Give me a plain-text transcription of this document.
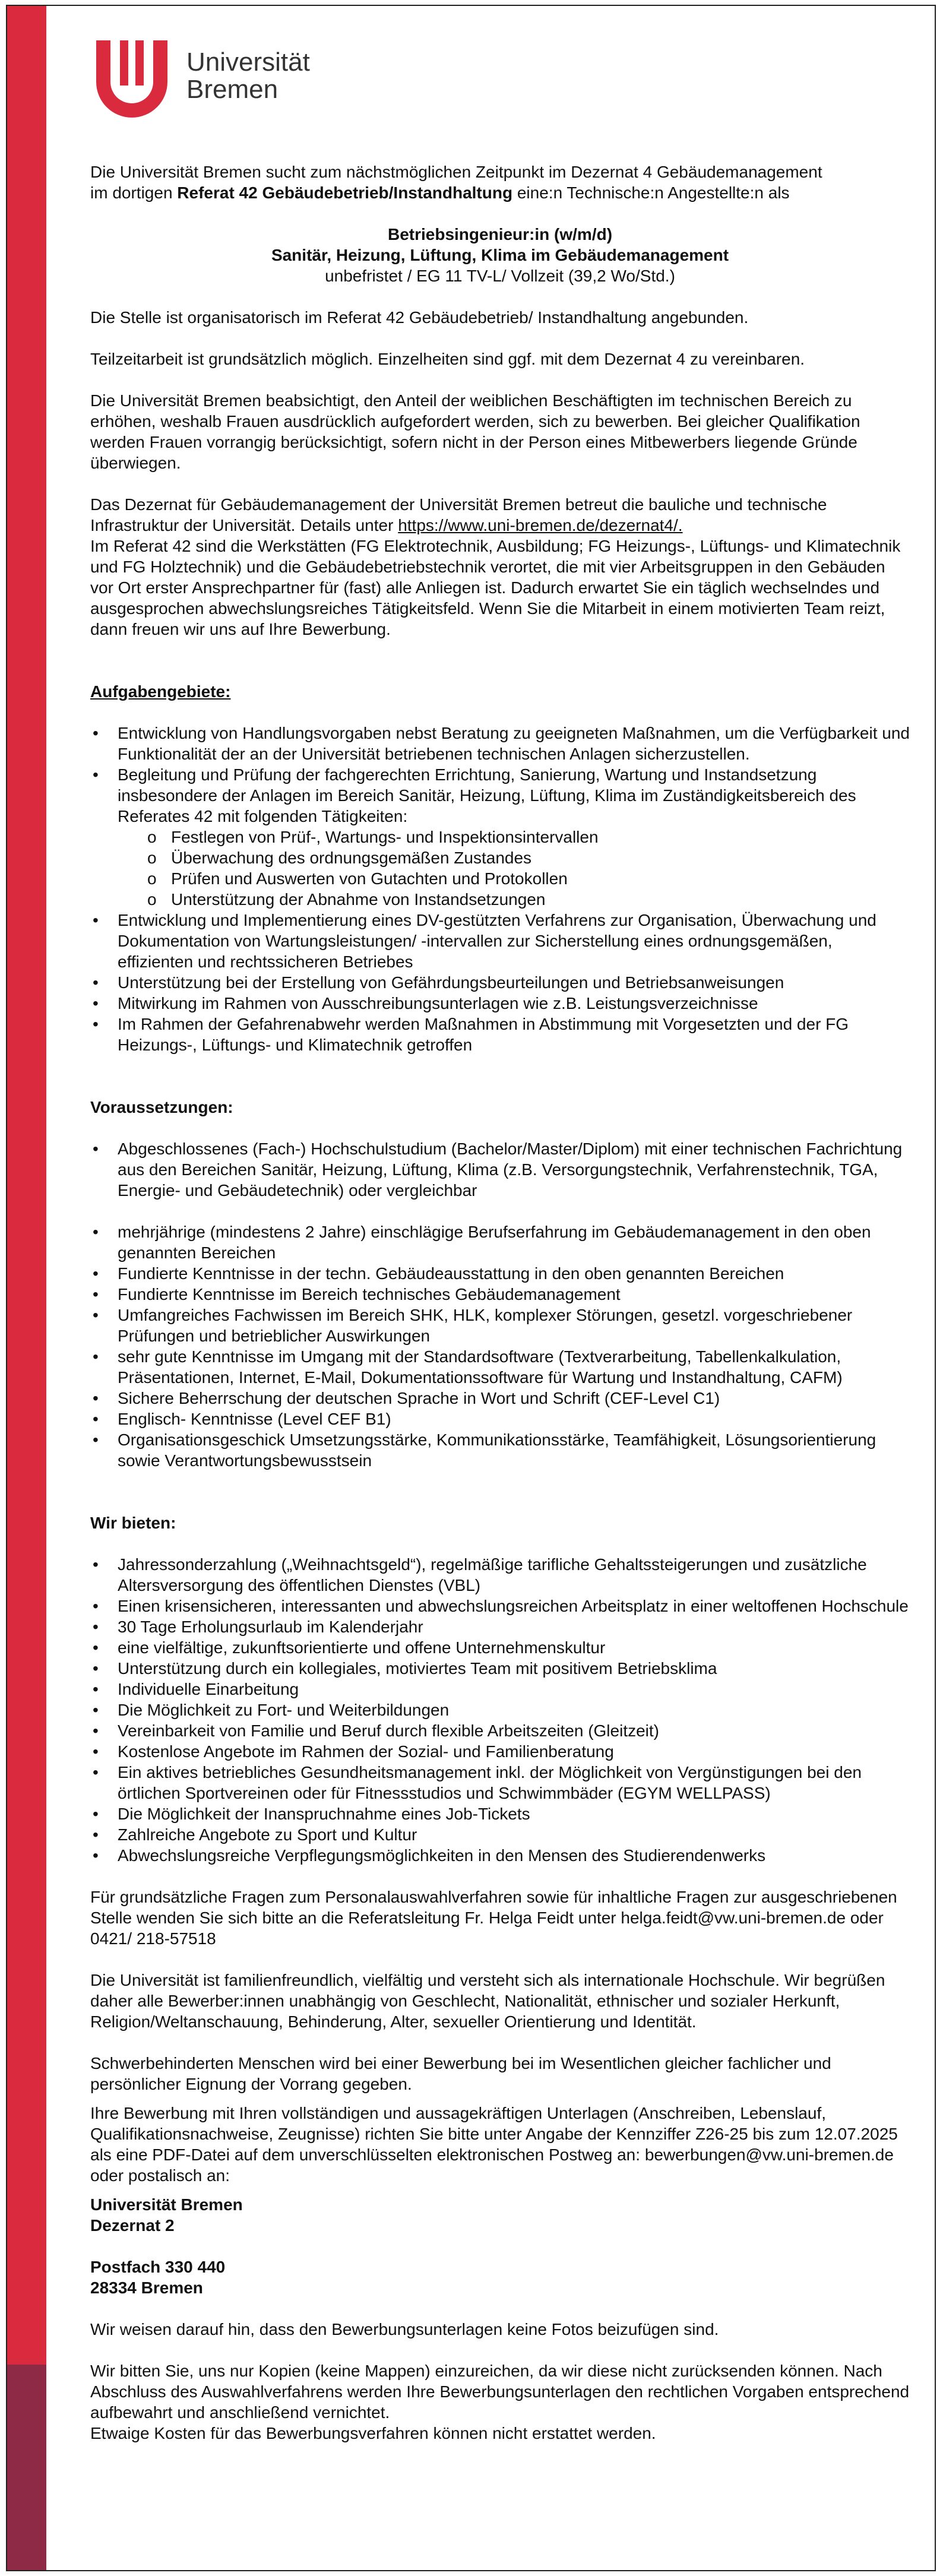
Universität
Bremen

Die Universität Bremen sucht zum nächstmöglichen Zeitpunkt im Dezernat 4 Gebäudemanagement
im dortigen Referat 42 Gebäudebetrieb/Instandhaltung eine:n Technische:n Angestellte:n als

Betriebsingenieur:in (w/m/d)
Sanitär, Heizung, Lüftung, Klima im Gebäudemanagement
unbefristet / EG 11 TV-L/ Vollzeit (39,2 Wo/Std.)

Die Stelle ist organisatorisch im Referat 42 Gebäudebetrieb/ Instandhaltung angebunden.

Teilzeitarbeit ist grundsätzlich möglich. Einzelheiten sind ggf. mit dem Dezernat 4 zu vereinbaren.

Die Universität Bremen beabsichtigt, den Anteil der weiblichen Beschäftigten im technischen Bereich zu erhöhen, weshalb Frauen ausdrücklich aufgefordert werden, sich zu bewerben. Bei gleicher Qualifikation werden Frauen vorrangig berücksichtigt, sofern nicht in der Person eines Mitbewerbers liegende Gründe überwiegen.

Das Dezernat für Gebäudemanagement der Universität Bremen betreut die bauliche und technische Infrastruktur der Universität. Details unter https://www.uni-bremen.de/dezernat4/.
Im Referat 42 sind die Werkstätten (FG Elektrotechnik, Ausbildung; FG Heizungs-, Lüftungs- und Klimatechnik und FG Holztechnik) und die Gebäudebetriebstechnik verortet, die mit vier Arbeitsgruppen in den Gebäuden vor Ort erster Ansprechpartner für (fast) alle Anliegen ist. Dadurch erwartet Sie ein täglich wechselndes und ausgesprochen abwechslungsreiches Tätigkeitsfeld. Wenn Sie die Mitarbeit in einem motivierten Team reizt, dann freuen wir uns auf Ihre Bewerbung.

Aufgabengebiete:
• Entwicklung von Handlungsvorgaben nebst Beratung zu geeigneten Maßnahmen, um die Verfügbarkeit und Funktionalität der an der Universität betriebenen technischen Anlagen sicherzustellen.
• Begleitung und Prüfung der fachgerechten Errichtung, Sanierung, Wartung und Instandsetzung insbesondere der Anlagen im Bereich Sanitär, Heizung, Lüftung, Klima im Zuständigkeitsbereich des Referates 42 mit folgenden Tätigkeiten:
o Festlegen von Prüf-, Wartungs- und Inspektionsintervallen
o Überwachung des ordnungsgemäßen Zustandes
o Prüfen und Auswerten von Gutachten und Protokollen
o Unterstützung der Abnahme von Instandsetzungen
• Entwicklung und Implementierung eines DV-gestützten Verfahrens zur Organisation, Überwachung und Dokumentation von Wartungsleistungen/ -intervallen zur Sicherstellung eines ordnungsgemäßen, effizienten und rechtssicheren Betriebes
• Unterstützung bei der Erstellung von Gefährdungsbeurteilungen und Betriebsanweisungen
• Mitwirkung im Rahmen von Ausschreibungsunterlagen wie z.B. Leistungsverzeichnisse
• Im Rahmen der Gefahrenabwehr werden Maßnahmen in Abstimmung mit Vorgesetzten und der FG Heizungs-, Lüftungs- und Klimatechnik getroffen
Voraussetzungen:
• Abgeschlossenes (Fach-) Hochschulstudium (Bachelor/Master/Diplom) mit einer technischen Fachrichtung aus den Bereichen Sanitär, Heizung, Lüftung, Klima (z.B. Versorgungstechnik, Verfahrenstechnik, TGA, Energie- und Gebäudetechnik) oder vergleichbar
• mehrjährige (mindestens 2 Jahre) einschlägige Berufserfahrung im Gebäudemanagement in den oben genannten Bereichen
• Fundierte Kenntnisse in der techn. Gebäudeausstattung in den oben genannten Bereichen
• Fundierte Kenntnisse im Bereich technisches Gebäudemanagement
• Umfangreiches Fachwissen im Bereich SHK, HLK, komplexer Störungen, gesetzl. vorgeschriebener Prüfungen und betrieblicher Auswirkungen
• sehr gute Kenntnisse im Umgang mit der Standardsoftware (Textverarbeitung, Tabellenkalkulation, Präsentationen, Internet, E-Mail, Dokumentationssoftware für Wartung und Instandhaltung, CAFM)
• Sichere Beherrschung der deutschen Sprache in Wort und Schrift (CEF-Level C1)
• Englisch- Kenntnisse (Level CEF B1)
• Organisationsgeschick Umsetzungsstärke, Kommunikationsstärke, Teamfähigkeit, Lösungsorientierung sowie Verantwortungsbewusstsein
Wir bieten:
• Jahressonderzahlung („Weihnachtsgeld“), regelmäßige tarifliche Gehaltssteigerungen und zusätzliche Altersversorgung des öffentlichen Dienstes (VBL)
• Einen krisensicheren, interessanten und abwechslungsreichen Arbeitsplatz in einer weltoffenen Hochschule
• 30 Tage Erholungsurlaub im Kalenderjahr
• eine vielfältige, zukunftsorientierte und offene Unternehmenskultur
• Unterstützung durch ein kollegiales, motiviertes Team mit positivem Betriebsklima
• Individuelle Einarbeitung
• Die Möglichkeit zu Fort- und Weiterbildungen
• Vereinbarkeit von Familie und Beruf durch flexible Arbeitszeiten (Gleitzeit)
• Kostenlose Angebote im Rahmen der Sozial- und Familienberatung
• Ein aktives betriebliches Gesundheitsmanagement inkl. der Möglichkeit von Vergünstigungen bei den örtlichen Sportvereinen oder für Fitnessstudios und Schwimmbäder (EGYM WELLPASS)
• Die Möglichkeit der Inanspruchnahme eines Job-Tickets
• Zahlreiche Angebote zu Sport und Kultur
• Abwechslungsreiche Verpflegungsmöglichkeiten in den Mensen des Studierendenwerks

Für grundsätzliche Fragen zum Personalauswahlverfahren sowie für inhaltliche Fragen zur ausgeschriebenen Stelle wenden Sie sich bitte an die Referatsleitung Fr. Helga Feidt unter helga.feidt@vw.uni-bremen.de oder 0421/ 218-57518

Die Universität ist familienfreundlich, vielfältig und versteht sich als internationale Hochschule. Wir begrüßen daher alle Bewerber:innen unabhängig von Geschlecht, Nationalität, ethnischer und sozialer Herkunft, Religion/Weltanschauung, Behinderung, Alter, sexueller Orientierung und Identität.

Schwerbehinderten Menschen wird bei einer Bewerbung bei im Wesentlichen gleicher fachlicher und persönlicher Eignung der Vorrang gegeben.

Ihre Bewerbung mit Ihren vollständigen und aussagekräftigen Unterlagen (Anschreiben, Lebenslauf, Qualifikationsnachweise, Zeugnisse) richten Sie bitte unter Angabe der Kennziffer Z26-25 bis zum 12.07.2025 als eine PDF-Datei auf dem unverschlüsselten elektronischen Postweg an: bewerbungen@vw.uni-bremen.de oder postalisch an:

Universität Bremen
Dezernat 2
Postfach 330 440
28334 Bremen

Wir weisen darauf hin, dass den Bewerbungsunterlagen keine Fotos beizufügen sind.

Wir bitten Sie, uns nur Kopien (keine Mappen) einzureichen, da wir diese nicht zurücksenden können. Nach Abschluss des Auswahlverfahrens werden Ihre Bewerbungsunterlagen den rechtlichen Vorgaben entsprechend aufbewahrt und anschließend vernichtet.

Etwaige Kosten für das Bewerbungsverfahren können nicht erstattet werden.
